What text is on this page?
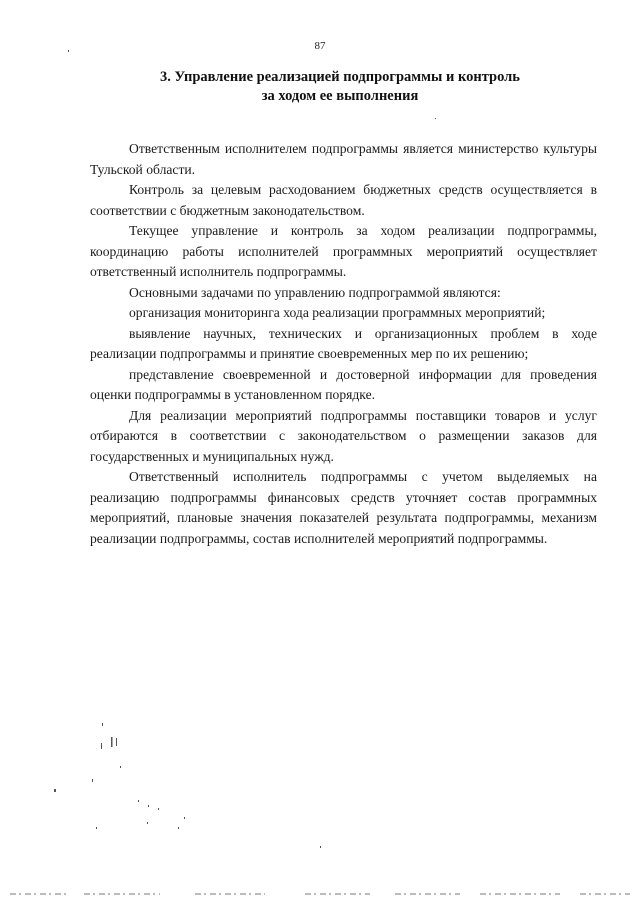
87
3. Управление реализацией подпрограммы и контроль
за ходом ее выполнения

Ответственным исполнителем подпрограммы является министерство культуры Тульской области.

Контроль за целевым расходованием бюджетных средств осуществляется в соответствии с бюджетным законодательством.

Текущее управление и контроль за ходом реализации подпрограммы, координацию работы исполнителей программных мероприятий осуществляет ответственный исполнитель подпрограммы.

Основными задачами по управлению подпрограммой являются:

организация мониторинга хода реализации программных мероприятий;

выявление научных, технических и организационных проблем в ходе реализации подпрограммы и принятие своевременных мер по их решению;

представление своевременной и достоверной информации для проведения оценки подпрограммы в установленном порядке.

Для реализации мероприятий подпрограммы поставщики товаров и услуг отбираются в соответствии с законодательством о размещении заказов для государственных и муниципальных нужд.

Ответственный исполнитель подпрограммы с учетом выделяемых на реализацию подпрограммы финансовых средств уточняет состав программных мероприятий, плановые значения показателей результата подпрограммы, механизм реализации подпрограммы, состав исполнителей мероприятий подпрограммы.
